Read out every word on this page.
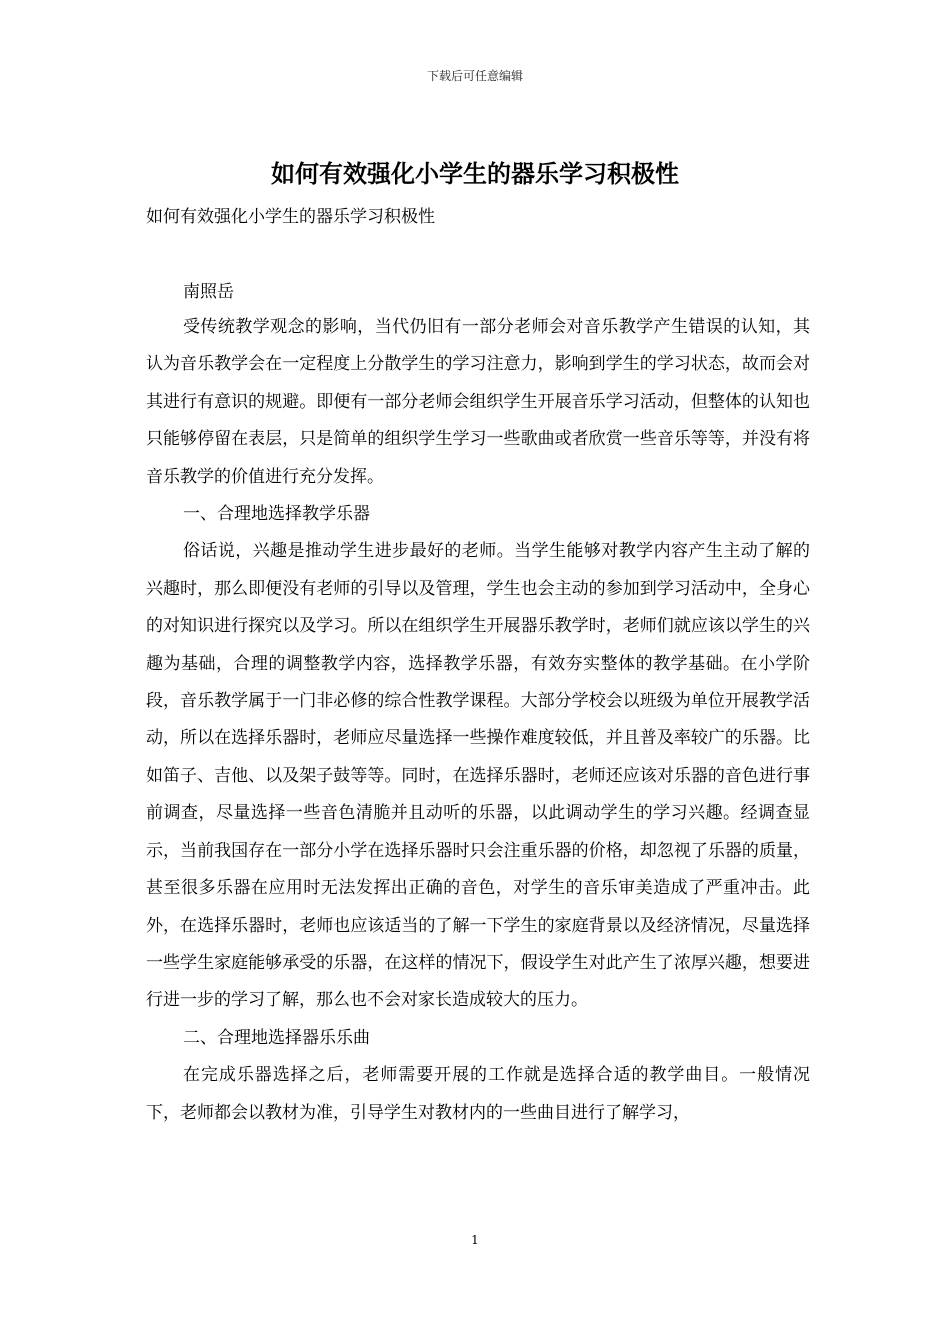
下载后可任意编辑
如何有效强化小学生的器乐学习积极性
如何有效强化小学生的器乐学习积极性
南照岳

受传统教学观念的影响，当代仍旧有一部分老师会对音乐教学产生错误的认知，其认为音乐教学会在一定程度上分散学生的学习注意力，影响到学生的学习状态，故而会对其进行有意识的规避。即便有一部分老师会组织学生开展音乐学习活动，但整体的认知也只能够停留在表层，只是简单的组织学生学习一些歌曲或者欣赏一些音乐等等，并没有将音乐教学的价值进行充分发挥。

一、合理地选择教学乐器

俗话说，兴趣是推动学生进步最好的老师。当学生能够对教学内容产生主动了解的兴趣时，那么即便没有老师的引导以及管理，学生也会主动的参加到学习活动中，全身心的对知识进行探究以及学习。所以在组织学生开展器乐教学时，老师们就应该以学生的兴趣为基础，合理的调整教学内容，选择教学乐器，有效夯实整体的教学基础。在小学阶段，音乐教学属于一门非必修的综合性教学课程。大部分学校会以班级为单位开展教学活动，所以在选择乐器时，老师应尽量选择一些操作难度较低，并且普及率较广的乐器。比如笛子、吉他、以及架子鼓等等。同时，在选择乐器时，老师还应该对乐器的音色进行事前调查，尽量选择一些音色清脆并且动听的乐器，以此调动学生的学习兴趣。经调查显示，当前我国存在一部分小学在选择乐器时只会注重乐器的价格，却忽视了乐器的质量，甚至很多乐器在应用时无法发挥出正确的音色，对学生的音乐审美造成了严重冲击。此外，在选择乐器时，老师也应该适当的了解一下学生的家庭背景以及经济情况，尽量选择一些学生家庭能够承受的乐器，在这样的情况下，假设学生对此产生了浓厚兴趣，想要进行进一步的学习了解，那么也不会对家长造成较大的压力。

二、合理地选择器乐乐曲

在完成乐器选择之后，老师需要开展的工作就是选择合适的教学曲目。一般情况下，老师都会以教材为准，引导学生对教材内的一些曲目进行了解学习，

1
